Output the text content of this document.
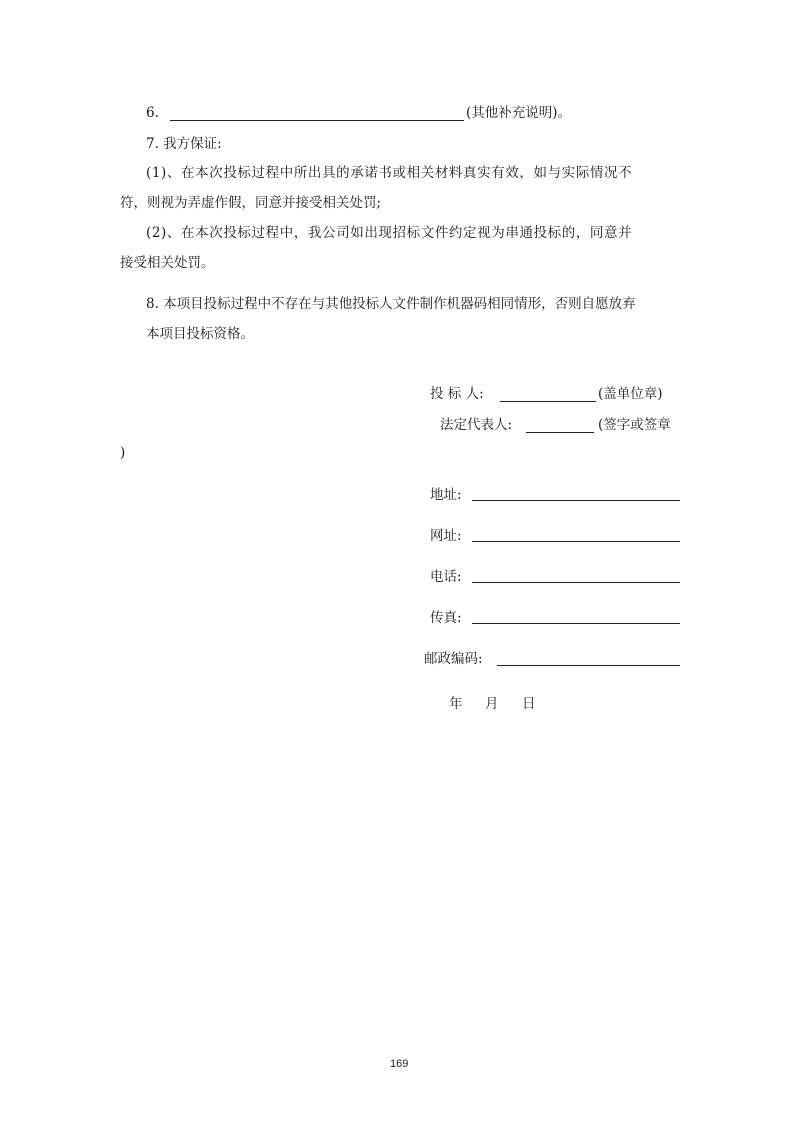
6.	(其他补充说明)。
7. 我方保证:
(1)、在本次投标过程中所出具的承诺书或相关材料真实有效，如与实际情况不
符，则视为弄虚作假，同意并接受相关处罚;
(2)、在本次投标过程中，我公司如出现招标文件约定视为串通投标的，同意并
接受相关处罚。
8. 本项目投标过程中不存在与其他投标人文件制作机器码相同情形，否则自愿放弃
本项目投标资格。
投 标 人:	(盖单位章)
法定代表人:	(签字或签章
)
地址:
网址:
电话:
传真:
邮政编码:
年 月 日
169
